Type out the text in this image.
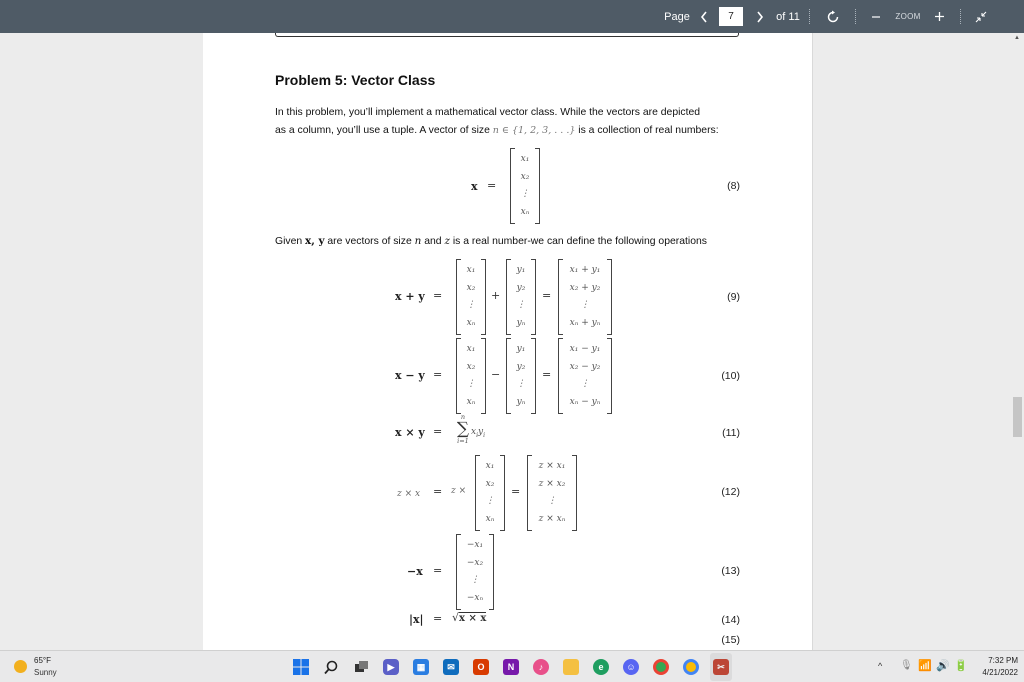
Page	7	of 11	ZOOM
Problem 5: Vector Class
In this problem, you’ll implement a mathematical vector class. While the vectors are depicted
as a column, you’ll use a tuple. A vector of size n ∈ {1, 2, 3, . . .} is a collection of real numbers:
x =
x₁
x₂
⋮
xₙ
(8)
Given x, y are vectors of size n and z is a real number-we can define the following operations
x + y =
x₁
x₂
⋮
xₙ
+
y₁
y₂
⋮
yₙ
=
x₁ + y₁
x₂ + y₂
⋮
xₙ + yₙ
(9)
x − y =
x₁
x₂
⋮
xₙ
−
y₁
y₂
⋮
yₙ
=
x₁ − y₁
x₂ − y₂
⋮
xₙ − yₙ
(10)
x × y =
n
∑
i=1
$x_iy_i$	(11)
z × x = z ×
x₁
x₂
⋮
xₙ
=
z × x₁
z × x₂
⋮
z × xₙ
(12)
−x =
−x₁
−x₂
⋮
−xₙ
(13)
|x| = √x × x	(14)
(15)
▲
65°F
Sunny
▶	▦	✉	O	N	♪	e	☺	✂	^ 🎙 📶 🔊 🔋	7:32 PM
4/21/2022
